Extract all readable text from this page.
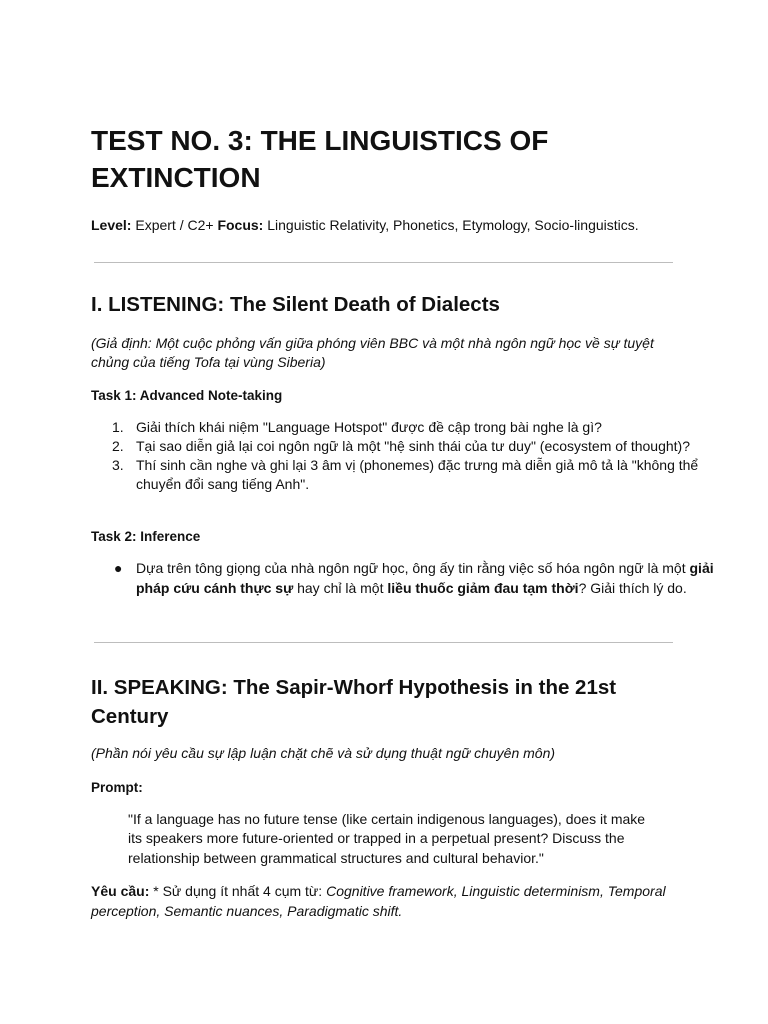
TEST NO. 3: THE LINGUISTICS OF EXTINCTION

Level: Expert / C2+ Focus: Linguistic Relativity, Phonetics, Etymology, Socio-linguistics.

I. LISTENING: The Silent Death of Dialects

(Giả định: Một cuộc phỏng vấn giữa phóng viên BBC và một nhà ngôn ngữ học về sự tuyệt chủng của tiếng Tofa tại vùng Siberia)

Task 1: Advanced Note-taking

1. Giải thích khái niệm "Language Hotspot" được đề cập trong bài nghe là gì?
2. Tại sao diễn giả lại coi ngôn ngữ là một "hệ sinh thái của tư duy" (ecosystem of thought)?
3. Thí sinh cần nghe và ghi lại 3 âm vị (phonemes) đặc trưng mà diễn giả mô tả là "không thể chuyển đổi sang tiếng Anh".

Task 2: Inference

● Dựa trên tông giọng của nhà ngôn ngữ học, ông ấy tin rằng việc số hóa ngôn ngữ là một giải pháp cứu cánh thực sự hay chỉ là một liều thuốc giảm đau tạm thời? Giải thích lý do.
II. SPEAKING: The Sapir-Whorf Hypothesis in the 21st Century

(Phần nói yêu cầu sự lập luận chặt chẽ và sử dụng thuật ngữ chuyên môn)

Prompt:

"If a language has no future tense (like certain indigenous languages), does it make its speakers more future-oriented or trapped in a perpetual present? Discuss the relationship between grammatical structures and cultural behavior."

Yêu cầu: * Sử dụng ít nhất 4 cụm từ: Cognitive framework, Linguistic determinism, Temporal perception, Semantic nuances, Paradigmatic shift.
